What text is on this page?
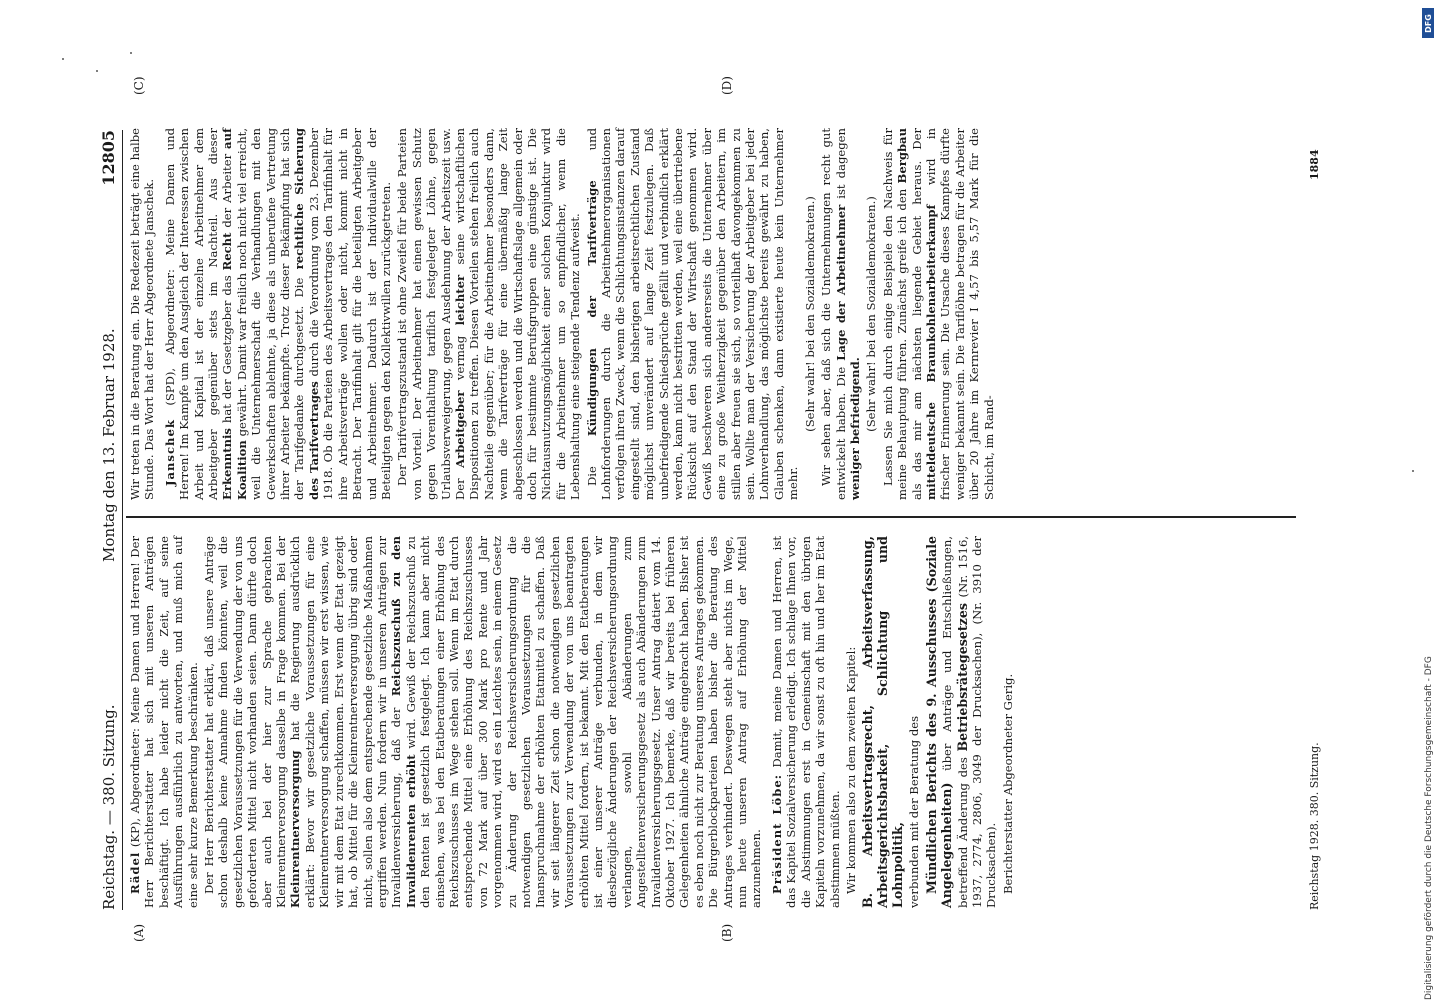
Reichstag. — 380. Sitzung.
Montag den 13. Februar 1928.
12805
(A)	(B)
(C)	(D)

Rädel (KP), Abgeordneter: Meine Damen und Herren! Der Herr Berichterstatter hat sich mit unseren Anträgen beschäftigt. Ich habe leider nicht die Zeit, auf seine Ausführungen ausführlich zu antworten, und muß mich auf eine sehr kurze Bemerkung beschränken. Der Herr Berichterstatter hat erklärt, daß unsere Anträge schon deshalb keine Annahme finden könnten, weil die gesetzlichen Voraussetzungen für die Verwendung der von uns geforderten Mittel nicht vorhanden seien. Dann dürfte doch aber auch bei der hier zur Sprache gebrachten Kleinrentnerversorgung dasselbe in Frage kommen. Bei der Kleinrentnerversorgung hat die Regierung ausdrücklich erklärt: Bevor wir gesetzliche Voraussetzungen für eine Kleinrentnerversorgung schaffen, müssen wir erst wissen, wie wir mit dem Etat zurechtkommen. Erst wenn der Etat gezeigt hat, ob Mittel für die Kleinrentnerversorgung übrig sind oder nicht, sollen also dem entsprechende gesetzliche Maßnahmen ergriffen werden. Nun fordern wir in unseren Anträgen zur Invalidenversicherung, daß der Reichszuschuß zu den Invalidenrenten erhöht wird. Gewiß der Reichszuschuß zu den Renten ist gesetzlich festgelegt. Ich kann aber nicht einsehen, was bei den Etatberatungen einer Erhöhung des Reichszuschusses im Wege stehen soll. Wenn im Etat durch entsprechende Mittel eine Erhöhung des Reichszuschusses von 72 Mark auf über 300 Mark pro Rente und Jahr vorgenommen wird, wird es ein Leichtes sein, in einem Gesetz zu Änderung der Reichsversicherungsordnung die notwendigen gesetzlichen Voraussetzungen für die Inanspruchnahme der erhöhten Etatmittel zu schaffen. Daß wir seit längerer Zeit schon die notwendigen gesetzlichen Voraussetzungen zur Verwendung der von uns beantragten erhöhten Mittel fordern, ist bekannt. Mit den Etatberatungen ist einer unserer Anträge verbunden, in dem wir diesbezügliche Änderungen der Reichsversicherungsordnung verlangen, sowohl Abänderungen zum Angestelltenversicherungsgesetz als auch Abänderungen zum Invalidenversicherungsgesetz. Unser Antrag datiert vom 14. Oktober 1927. Ich bemerke, daß wir bereits bei früheren Gelegenheiten ähnliche Anträge eingebracht haben. Bisher ist es eben noch nicht zur Beratung unseres Antrages gekommen. Die Bürgerblockparteien haben bisher die Beratung des Antrages verhindert. Deswegen steht aber nichts im Wege, nun heute unseren Antrag auf Erhöhung der Mittel anzunehmen. Präsident Löbe: Damit, meine Damen und Herren, ist das Kapitel Sozialversicherung erledigt. Ich schlage Ihnen vor, die Abstimmungen erst in Gemeinschaft mit den übrigen Kapiteln vorzunehmen, da wir sonst zu oft hin und her im Etat abstimmen müßten. Wir kommen also zu dem zweiten Kapitel:

B. Arbeitsvertragsrecht, Arbeitsverfassung, Arbeitsgerichtsbarkeit, Schlichtung und Lohnpolitik, verbunden mit der Beratung des Mündlichen Berichts des 9. Ausschusses (Soziale Angelegenheiten) über Anträge und Entschließungen, betreffend Änderung des Betriebsrätegesetzes (Nr. 1516, 1937, 2774, 2806, 3049 der Drucksachen), (Nr. 3910 der Drucksachen). Berichterstatter Abgeordneter Gerig.

Wir treten in die Beratung ein. Die Redezeit beträgt eine halbe Stunde. Das Wort hat der Herr Abgeordnete Janschek. Janschek (SPD), Abgeordneter: Meine Damen und Herren! Im Kampfe um den Ausgleich der Interessen zwischen Arbeit und Kapital ist der einzelne Arbeitnehmer dem Arbeitgeber gegenüber stets im Nachteil. Aus dieser Erkenntnis hat der Gesetzgeber das Recht der Arbeiter auf Koalition gewährt. Damit war freilich noch nicht viel erreicht, weil die Unternehmerschaft die Verhandlungen mit den Gewerkschaften ablehnte, ja diese als unberufene Vertretung ihrer Arbeiter bekämpfte. Trotz dieser Bekämpfung hat sich der Tarifgedanke durchgesetzt. Die rechtliche Sicherung des Tarifvertrages durch die Verordnung vom 23. Dezember 1918. Ob die Parteien des Arbeitsvertrages den Tarifinhalt für ihre Arbeitsverträge wollen oder nicht, kommt nicht in Betracht. Der Tarifinhalt gilt für die beteiligten Arbeitgeber und Arbeitnehmer. Dadurch ist der Individualwille der Beteiligten gegen den Kollektivwillen zurückgetreten. Der Tarifvertragszustand ist ohne Zweifel für beide Parteien von Vorteil. Der Arbeitnehmer hat einen gewissen Schutz gegen Vorenthaltung tariflich festgelegter Löhne, gegen Urlaubsverweigerung, gegen Ausdehnung der Arbeitszeit usw. Der Arbeitgeber vermag leichter seine wirtschaftlichen Dispositionen zu treffen. Diesen Vorteilen stehen freilich auch Nachteile gegenüber; für die Arbeitnehmer besonders dann, wenn die Tarifverträge für eine übermäßig lange Zeit abgeschlossen werden und die Wirtschaftslage allgemein oder doch für bestimmte Berufsgruppen eine günstige ist. Die Nichtausnutzungsmöglichkeit einer solchen Konjunktur wird für die Arbeitnehmer um so empfindlicher, wenn die Lebenshaltung eine steigende Tendenz aufweist. Die Kündigungen der Tarifverträge und Lohnforderungen durch die Arbeitnehmerorganisationen verfolgen ihren Zweck, wenn die Schlichtungsinstanzen darauf eingestellt sind, den bisherigen arbeitsrechtlichen Zustand möglichst unverändert auf lange Zeit festzulegen. Daß unbefriedigende Schiedsprüche gefällt und verbindlich erklärt werden, kann nicht bestritten werden, weil eine übertriebene Rücksicht auf den Stand der Wirtschaft genommen wird. Gewiß beschweren sich andererseits die Unternehmer über eine zu große Weitherzigkeit gegenüber den Arbeitern, im stillen aber freuen sie sich, so vorteilhaft davongekommen zu sein. Wollte man der Versicherung der Arbeitgeber bei jeder Lohnverhandlung, das möglichste bereits gewährt zu haben, Glauben schenken, dann existierte heute kein Unternehmer mehr.

(Sehr wahr! bei den Sozialdemokraten.) Wir sehen aber, daß sich die Unternehmungen recht gut entwickelt haben. Die Lage der Arbeitnehmer ist dagegen weniger befriedigend. (Sehr wahr! bei den Sozialdemokraten.) Lassen Sie mich durch einige Beispiele den Nachweis für meine Behauptung führen. Zunächst greife ich den Bergbau als das mir am nächsten liegende Gebiet heraus. Der mitteldeutsche Braunkohlenarbeiterkampf wird in frischer Erinnerung sein. Die Ursache dieses Kampfes dürfte weniger bekannt sein. Die Tariflöhne betragen für die Arbeiter über 20 Jahre im Kernrevier I 4,57 bis 5,57 Mark für die Schicht, im Rand-

Reichstag 1928. 380. Sitzung.
1884
Digitalisierung gefördert durch die Deutsche Forschungsgemeinschaft - DFG
DFG
